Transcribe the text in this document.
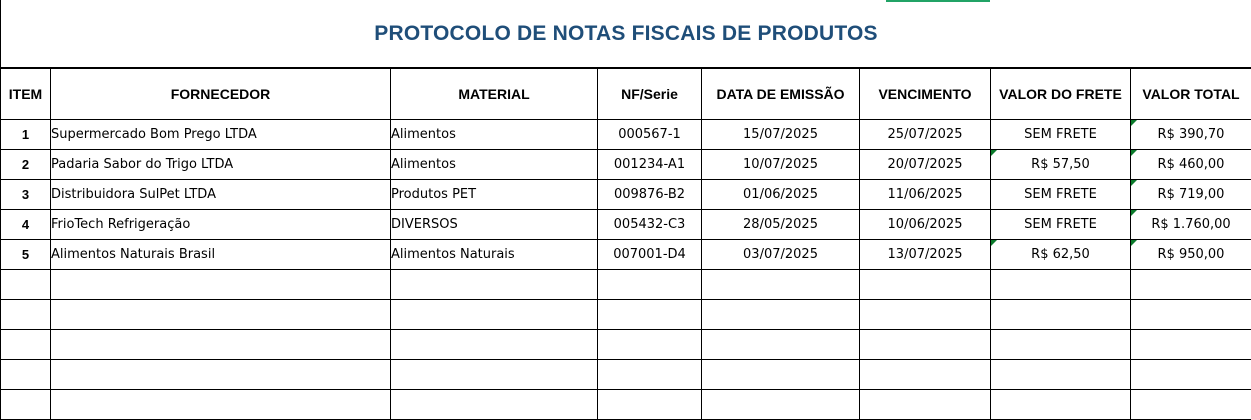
PROTOCOLO DE NOTAS FISCAIS DE PRODUTOS
ITEM	FORNECEDOR	MATERIAL	NF/Serie	DATA DE EMISSÃO	VENCIMENTO	VALOR DO FRETE	VALOR TOTAL
1	Supermercado Bom Prego LTDA	Alimentos	000567-1	15/07/2025	25/07/2025	SEM FRETE	R$ 390,70
2	Padaria Sabor do Trigo LTDA	Alimentos	001234-A1	10/07/2025	20/07/2025	R$ 57,50	R$ 460,00
3	Distribuidora SulPet LTDA	Produtos PET	009876-B2	01/06/2025	11/06/2025	SEM FRETE	R$ 719,00
4	FrioTech Refrigeração	DIVERSOS	005432-C3	28/05/2025	10/06/2025	SEM FRETE	R$ 1.760,00
5	Alimentos Naturais Brasil	Alimentos Naturais	007001-D4	03/07/2025	13/07/2025	R$ 62,50	R$ 950,00
